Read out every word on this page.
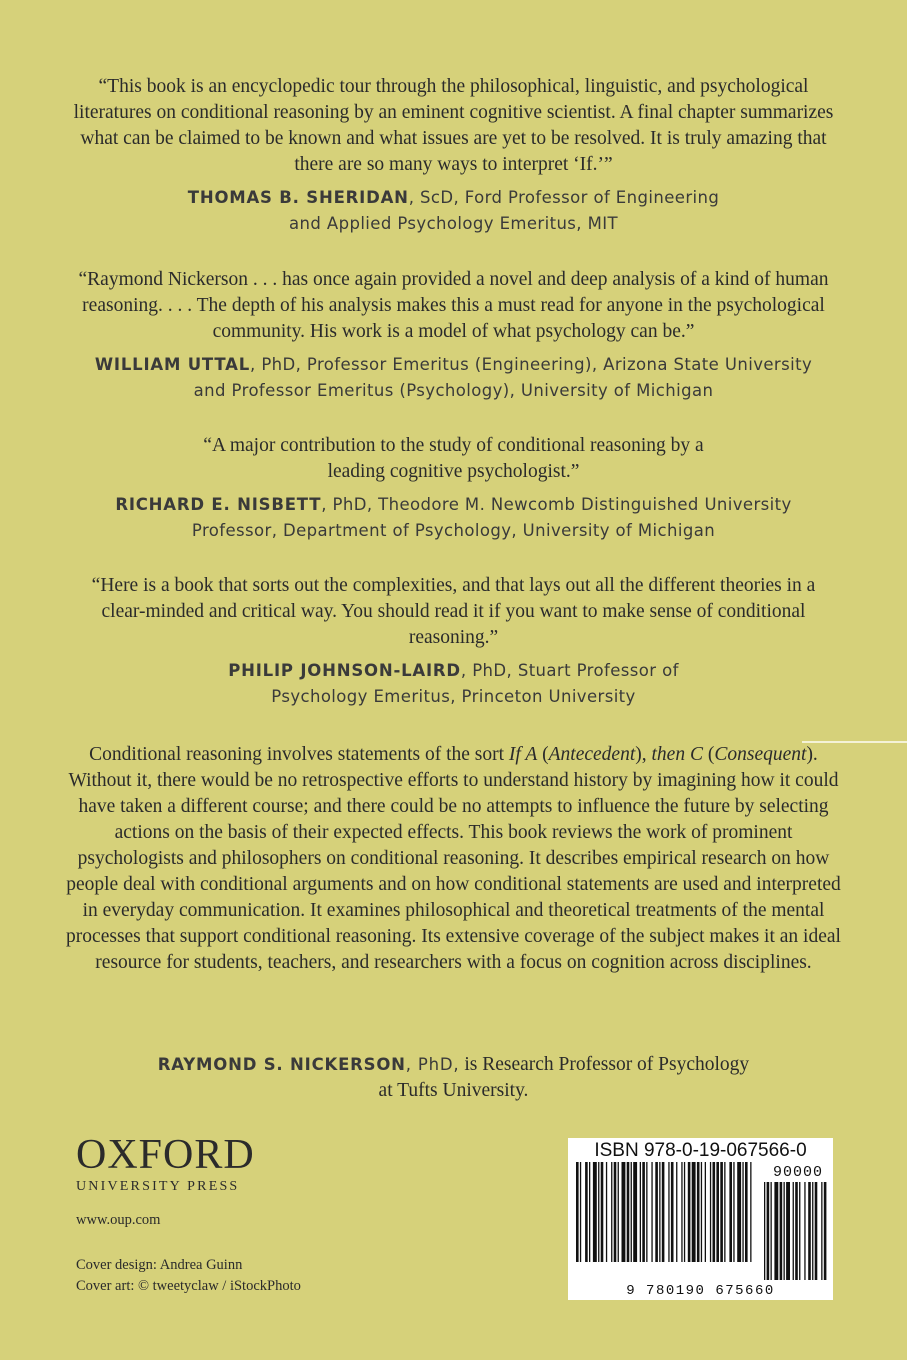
“This book is an encyclopedic tour through the philosophical, linguistic, and psychological literatures on conditional reasoning by an eminent cognitive scientist. A final chapter summarizes what can be claimed to be known and what issues are yet to be resolved. It is truly amazing that there are so many ways to interpret ‘If.’”

THOMAS B. SHERIDAN, ScD, Ford Professor of Engineering and Applied Psychology Emeritus, MIT

“Raymond Nickerson . . . has once again provided a novel and deep analysis of a kind of human reasoning. . . . The depth of his analysis makes this a must read for anyone in the psychological community. His work is a model of what psychology can be.”

WILLIAM UTTAL, PhD, Professor Emeritus (Engineering), Arizona State University and Professor Emeritus (Psychology), University of Michigan

“A major contribution to the study of conditional reasoning by a leading cognitive psychologist.”

RICHARD E. NISBETT, PhD, Theodore M. Newcomb Distinguished University Professor, Department of Psychology, University of Michigan

“Here is a book that sorts out the complexities, and that lays out all the different theories in a clear-minded and critical way. You should read it if you want to make sense of conditional reasoning.”

PHILIP JOHNSON-LAIRD, PhD, Stuart Professor of Psychology Emeritus, Princeton University

Conditional reasoning involves statements of the sort If A (Antecedent), then C (Consequent). Without it, there would be no retrospective efforts to understand history by imagining how it could have taken a different course; and there could be no attempts to influence the future by selecting actions on the basis of their expected effects. This book reviews the work of prominent psychologists and philosophers on conditional reasoning. It describes empirical research on how people deal with conditional arguments and on how conditional statements are used and interpreted in everyday communication. It examines philosophical and theoretical treatments of the mental processes that support conditional reasoning. Its extensive coverage of the subject makes it an ideal resource for students, teachers, and researchers with a focus on cognition across disciplines.

RAYMOND S. NICKERSON, PhD, is Research Professor of Psychology
at Tufts University.

OXFORD
UNIVERSITY PRESS
www.oup.com
Cover design: Andrea Guinn
Cover art: © tweetyclaw / iStockPhoto
ISBN 978-0-19-067566-0
90000
9 780190 675660
